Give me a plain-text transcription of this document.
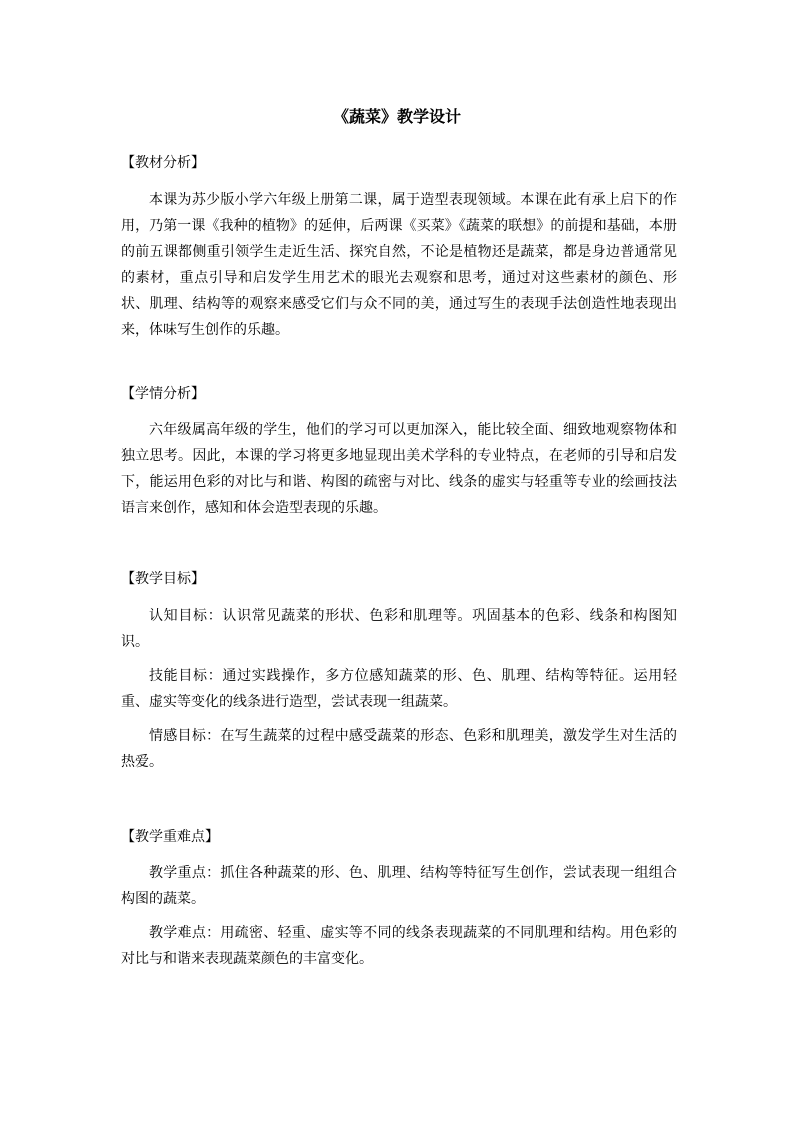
《蔬菜》教学设计
【教材分析】

本课为苏少版小学六年级上册第二课，属于造型表现领域。本课在此有承上启下的作用，乃第一课《我种的植物》的延伸，后两课《买菜》《蔬菜的联想》的前提和基础，本册的前五课都侧重引领学生走近生活、探究自然，不论是植物还是蔬菜，都是身边普通常见的素材，重点引导和启发学生用艺术的眼光去观察和思考，通过对这些素材的颜色、形状、肌理、结构等的观察来感受它们与众不同的美，通过写生的表现手法创造性地表现出来，体味写生创作的乐趣。

【学情分析】

六年级属高年级的学生，他们的学习可以更加深入，能比较全面、细致地观察物体和独立思考。因此，本课的学习将更多地显现出美术学科的专业特点，在老师的引导和启发下，能运用色彩的对比与和谐、构图的疏密与对比、线条的虚实与轻重等专业的绘画技法语言来创作，感知和体会造型表现的乐趣。

【教学目标】

认知目标：认识常见蔬菜的形状、色彩和肌理等。巩固基本的色彩、线条和构图知识。

技能目标：通过实践操作，多方位感知蔬菜的形、色、肌理、结构等特征。运用轻重、虚实等变化的线条进行造型，尝试表现一组蔬菜。

情感目标：在写生蔬菜的过程中感受蔬菜的形态、色彩和肌理美，激发学生对生活的热爱。

【教学重难点】

教学重点：抓住各种蔬菜的形、色、肌理、结构等特征写生创作，尝试表现一组组合构图的蔬菜。

教学难点：用疏密、轻重、虚实等不同的线条表现蔬菜的不同肌理和结构。用色彩的对比与和谐来表现蔬菜颜色的丰富变化。
